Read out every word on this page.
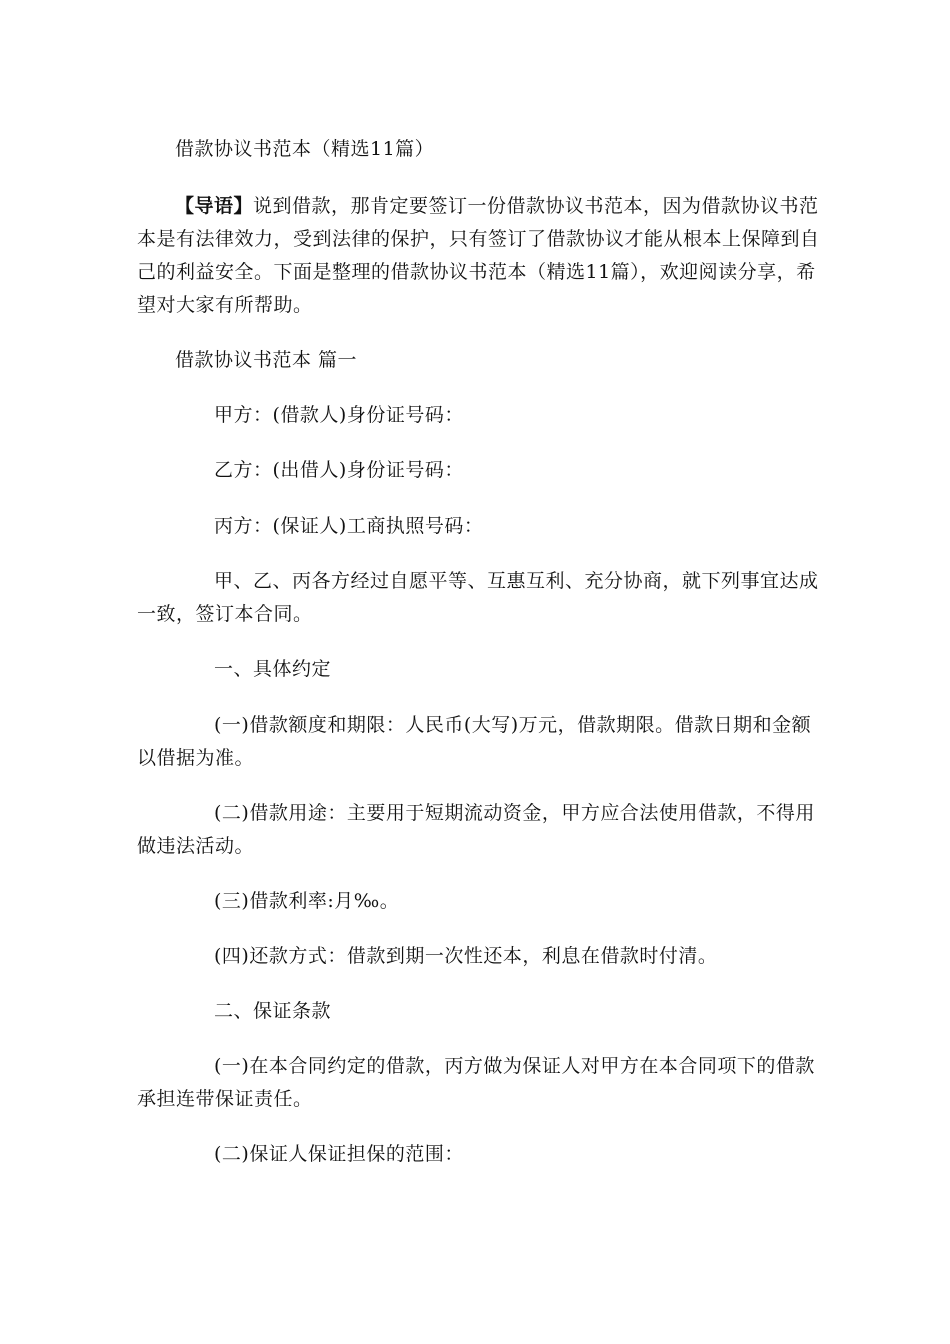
借款协议书范本（精选11篇）
【导语】说到借款，那肯定要签订一份借款协议书范本，因为借款协议书范
本是有法律效力，受到法律的保护，只有签订了借款协议才能从根本上保障到自
己的利益安全。下面是整理的借款协议书范本（精选11篇），欢迎阅读分享，希
望对大家有所帮助。
借款协议书范本 篇一
甲方：(借款人)身份证号码：
乙方：(出借人)身份证号码：
丙方：(保证人)工商执照号码：
甲、乙、丙各方经过自愿平等、互惠互利、充分协商，就下列事宜达成
一致，签订本合同。
一、具体约定
(一)借款额度和期限：人民币(大写)万元，借款期限。借款日期和金额
以借据为准。
(二)借款用途：主要用于短期流动资金，甲方应合法使用借款，不得用
做违法活动。
(三)借款利率:月‰。
(四)还款方式：借款到期一次性还本，利息在借款时付清。
二、保证条款
(一)在本合同约定的借款，丙方做为保证人对甲方在本合同项下的借款
承担连带保证责任。
(二)保证人保证担保的范围：
